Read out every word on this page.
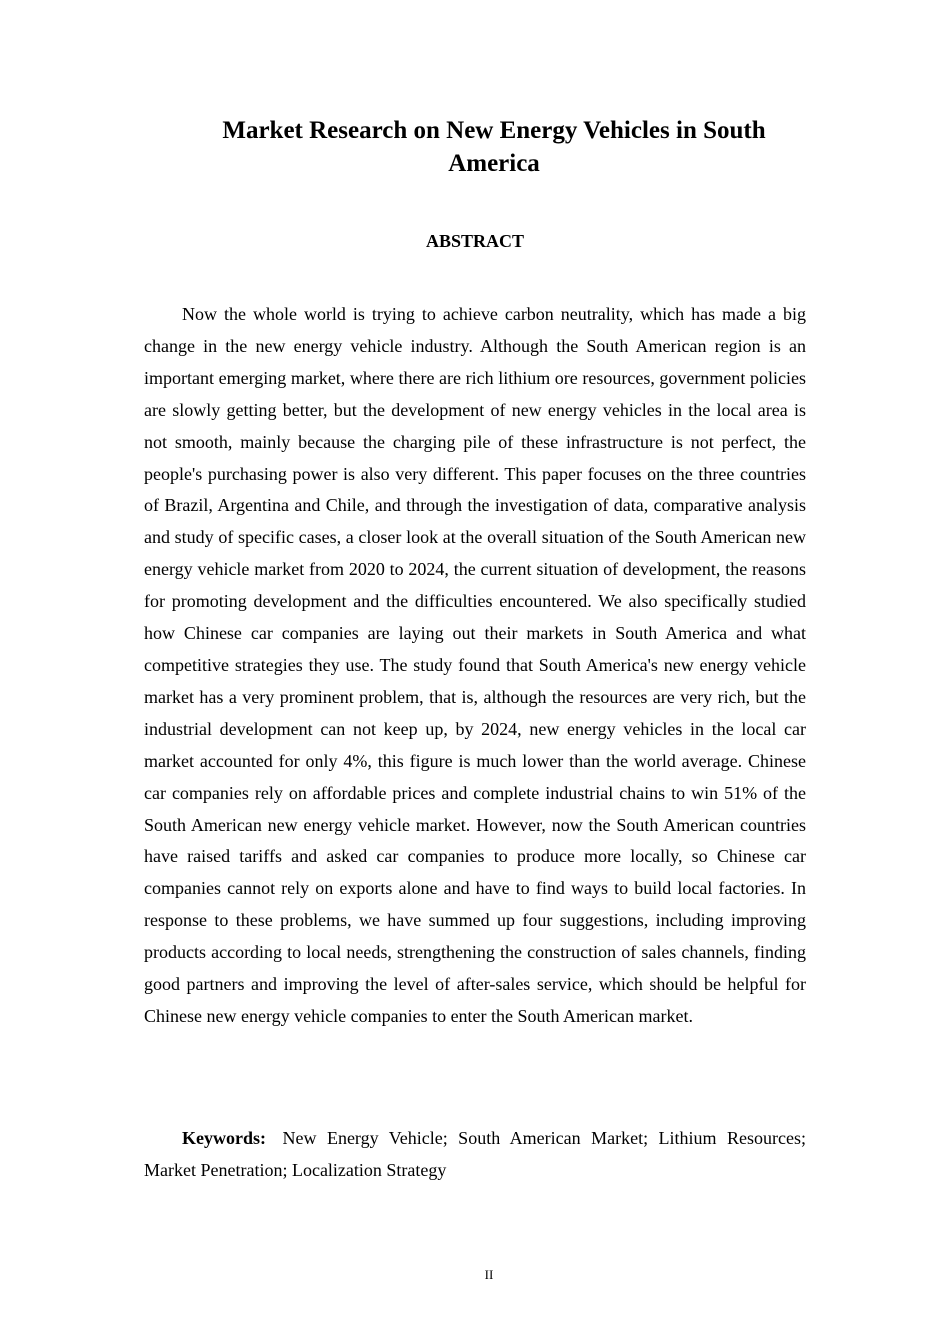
Market Research on New Energy Vehicles in South America
ABSTRACT

Now the whole world is trying to achieve carbon neutrality, which has made a big change in the new energy vehicle industry. Although the South American region is an important emerging market, where there are rich lithium ore resources, government policies are slowly getting better, but the development of new energy vehicles in the local area is not smooth, mainly because the charging pile of these infrastructure is not perfect, the people's purchasing power is also very different. This paper focuses on the three countries of Brazil, Argentina and Chile, and through the investigation of data, comparative analysis and study of specific cases, a closer look at the overall situation of the South American new energy vehicle market from 2020 to 2024, the current situation of development, the reasons for promoting development and the difficulties encountered. We also specifically studied how Chinese car companies are laying out their markets in South America and what competitive strategies they use. The study found that South America's new energy vehicle market has a very prominent problem, that is, although the resources are very rich, but the industrial development can not keep up, by 2024, new energy vehicles in the local car market accounted for only 4%, this figure is much lower than the world average. Chinese car companies rely on affordable prices and complete industrial chains to win 51% of the South American new energy vehicle market. However, now the South American countries have raised tariffs and asked car companies to produce more locally, so Chinese car companies cannot rely on exports alone and have to find ways to build local factories. In response to these problems, we have summed up four suggestions, including improving products according to local needs, strengthening the construction of sales channels, finding good partners and improving the level of after-sales service, which should be helpful for Chinese new energy vehicle companies to enter the South American market.

Keywords: New Energy Vehicle; South American Market; Lithium Resources; Market Penetration; Localization Strategy

II
